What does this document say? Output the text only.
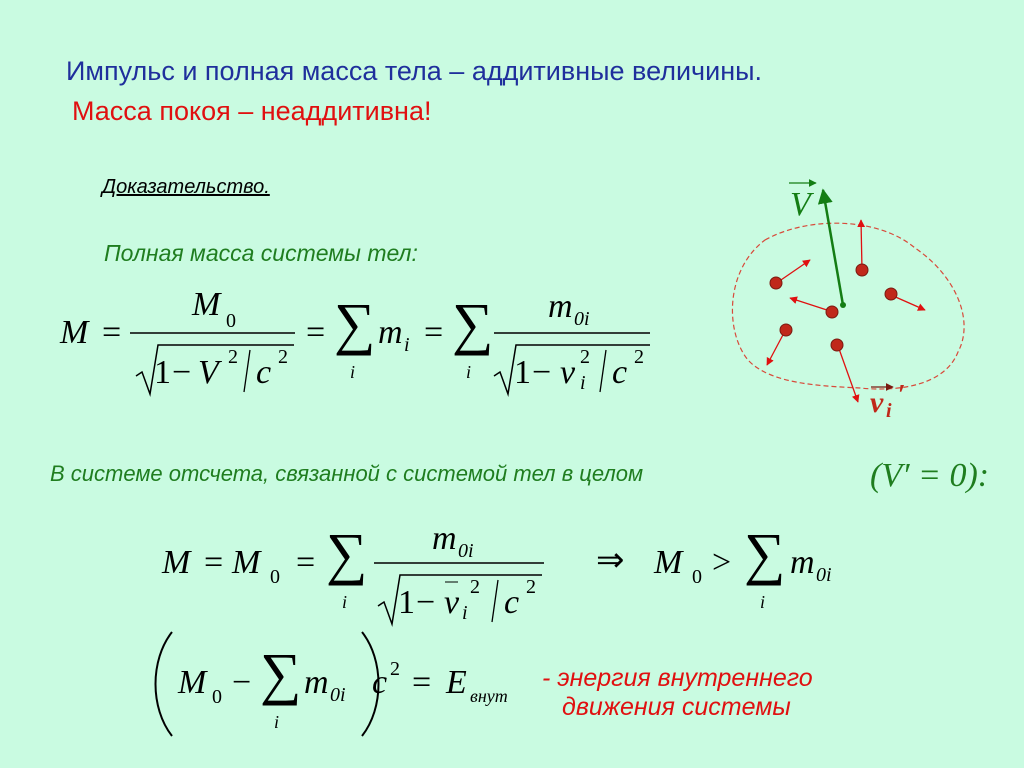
Импульс и полная масса тела – аддитивные величины.
Масса покоя – неаддитивна!
Доказательство.
Полная масса системы тел:
В системе отсчета, связанной с системой тел в целом	(V′ = 0):
- энергия внутреннего
движения системы
M =
M 0
1 − V 2 c 2
= ∑
i
m i = ∑
i
m 0i
1 − v 2
i c 2
M = M 0 = ∑
i
m 0i
1 − v 2
i c 2
⇒ M 0 > ∑
i
m 0i
M 0 − ∑
i
m 0i c 2 = E внут
V
v i ′
